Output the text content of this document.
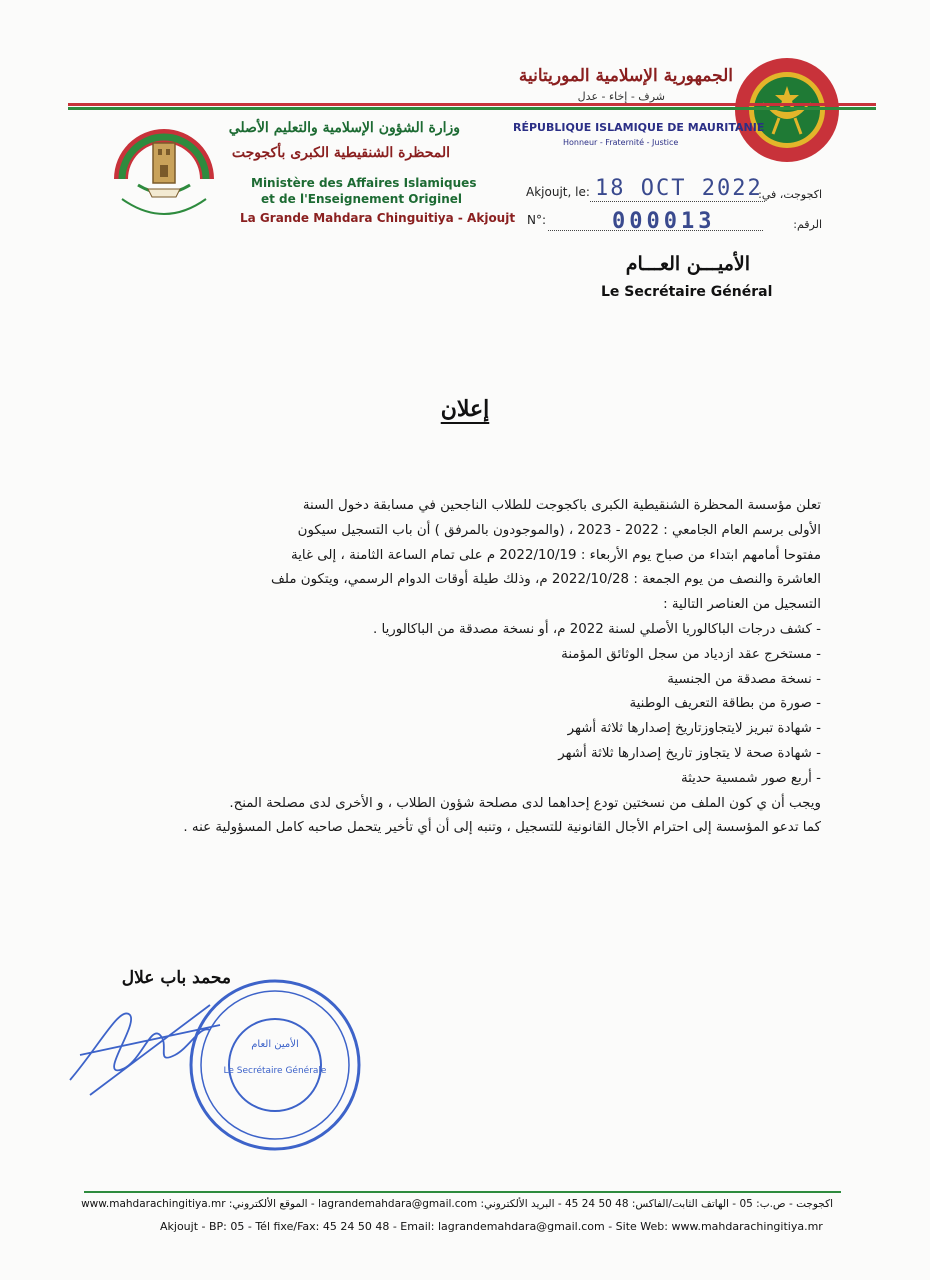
الجمهورية الإسلامية الموريتانية
شرف - إخاء - عدل
RÉPUBLIQUE ISLAMIQUE DE MAURITANIE
Honneur - Fraternité - Justice
وزارة الشؤون الإسلامية والتعليم الأصلي
المحظرة الشنقيطية الكبرى بأكجوجت
Ministère des Affaires Islamiques
et de l'Enseignement Originel
La Grande Mahdara Chinguitiya - Akjoujt
Akjoujt, le: 18 OCT 2022
اكجوجت، في:
N°:	000013	الرقم:
الأميـــن العـــام
Le Secrétaire Général
إعلان

تعلن مؤسسة المحظرة الشنقيطية الكبرى باكجوجت للطلاب الناجحين في مسابقة دخول السنة

الأولى برسم العام الجامعي : 2022 - 2023 ، (والموجودون بالمرفق ) أن باب التسجيل سيكون

مفتوحا أمامهم ابتداء من صباح يوم الأربعاء : 2022/10/19 م على تمام الساعة الثامنة ، إلى غاية

العاشرة والنصف من يوم الجمعة : 2022/10/28 م، وذلك طيلة أوقات الدوام الرسمي، ويتكون ملف

التسجيل من العناصر التالية :

- كشف درجات الباكالوريا الأصلي لسنة 2022 م، أو نسخة مصدقة من الباكالوريا .

- مستخرج عقد ازدياد من سجل الوثائق المؤمنة

- نسخة مصدقة من الجنسية

- صورة من بطاقة التعريف الوطنية

- شهادة تبريز لايتجاوزتاريخ إصدارها ثلاثة أشهر

- شهادة صحة لا يتجاوز تاريخ إصدارها ثلاثة أشهر

- أربع صور شمسية حديثة

ويجب أن ي كون الملف من نسختين تودع إحداهما لدى مصلحة شؤون الطلاب ، و الأخرى لدى مصلحة المنح.

كما تدعو المؤسسة إلى احترام الأجال القانونية للتسجيل ، وتنبه إلى أن أي تأخير يتحمل صاحبه كامل المسؤولية عنه .

محمد باب علال
الأمين العام
Le Secrétaire Générale
اكجوجت - ص.ب: 05 - الهاتف الثابت/الفاكس: 48 50 24 45 - البريد الألكتروني: lagrandemahdara@gmail.com - الموقع الألكتروني: www.mahdarachingitiya.mr
Akjoujt - BP: 05 - Tél fixe/Fax: 45 24 50 48 - Email: lagrandemahdara@gmail.com - Site Web: www.mahdarachingitiya.mr
